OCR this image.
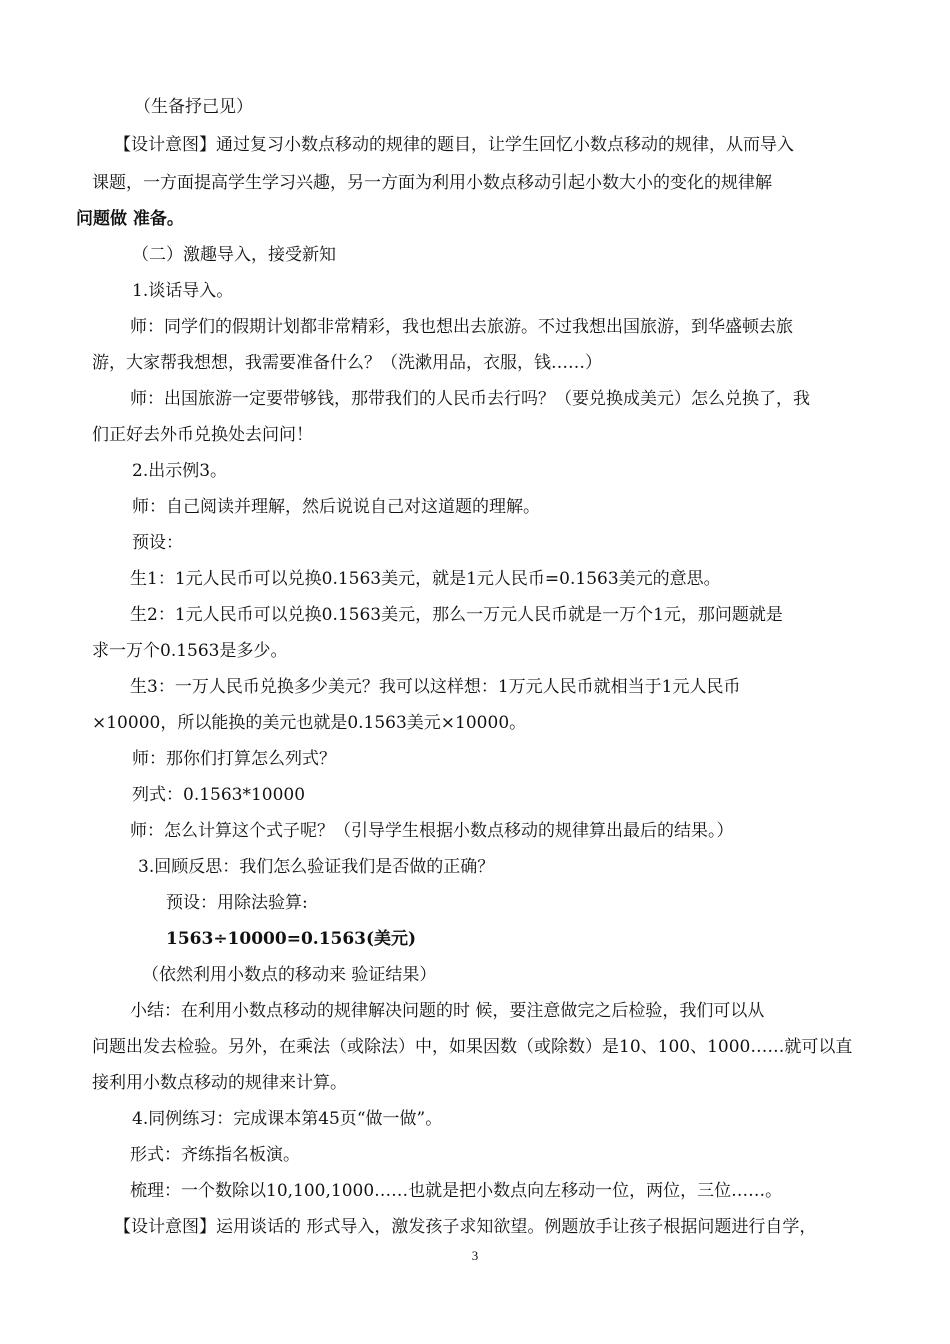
（生备抒己见）
【设计意图】通过复习小数点移动的规律的题目，让学生回忆小数点移动的规律，从而导入
课题，一方面提高学生学习兴趣，另一方面为利用小数点移动引起小数大小的变化的规律解
问题做 准备。
（二）激趣导入，接受新知
1.谈话导入。
师：同学们的假期计划都非常精彩，我也想出去旅游。不过我想出国旅游，到华盛顿去旅
游，大家帮我想想，我需要准备什么？（洗漱用品，衣服，钱……）
师：出国旅游一定要带够钱，那带我们的人民币去行吗？（要兑换成美元）怎么兑换了，我
们正好去外币兑换处去问问！
2.出示例3。
师：自己阅读并理解，然后说说自己对这道题的理解。
预设：
生1：1元人民币可以兑换0.1563美元，就是1元人民币=0.1563美元的意思。
生2：1元人民币可以兑换0.1563美元，那么一万元人民币就是一万个1元，那问题就是
求一万个0.1563是多少。
生3：一万人民币兑换多少美元？我可以这样想：1万元人民币就相当于1元人民币
×10000，所以能换的美元也就是0.1563美元×10000。
师：那你们打算怎么列式？
列式：0.1563*10000
师：怎么计算这个式子呢？（引导学生根据小数点移动的规律算出最后的结果。）
3.回顾反思：我们怎么验证我们是否做的正确？
预设：用除法验算:
1563÷10000=0.1563(美元)
（依然利用小数点的移动来 验证结果）
小结：在利用小数点移动的规律解决问题的时 候，要注意做完之后检验，我们可以从
问题出发去检验。另外，在乘法（或除法）中，如果因数（或除数）是10、100、1000……就可以直
接利用小数点移动的规律来计算。
4.同例练习：完成课本第45页“做一做”。
形式：齐练指名板演。
梳理：一个数除以10,100,1000……也就是把小数点向左移动一位，两位，三位……。
【设计意图】运用谈话的 形式导入，激发孩子求知欲望。例题放手让孩子根据问题进行自学，
3
